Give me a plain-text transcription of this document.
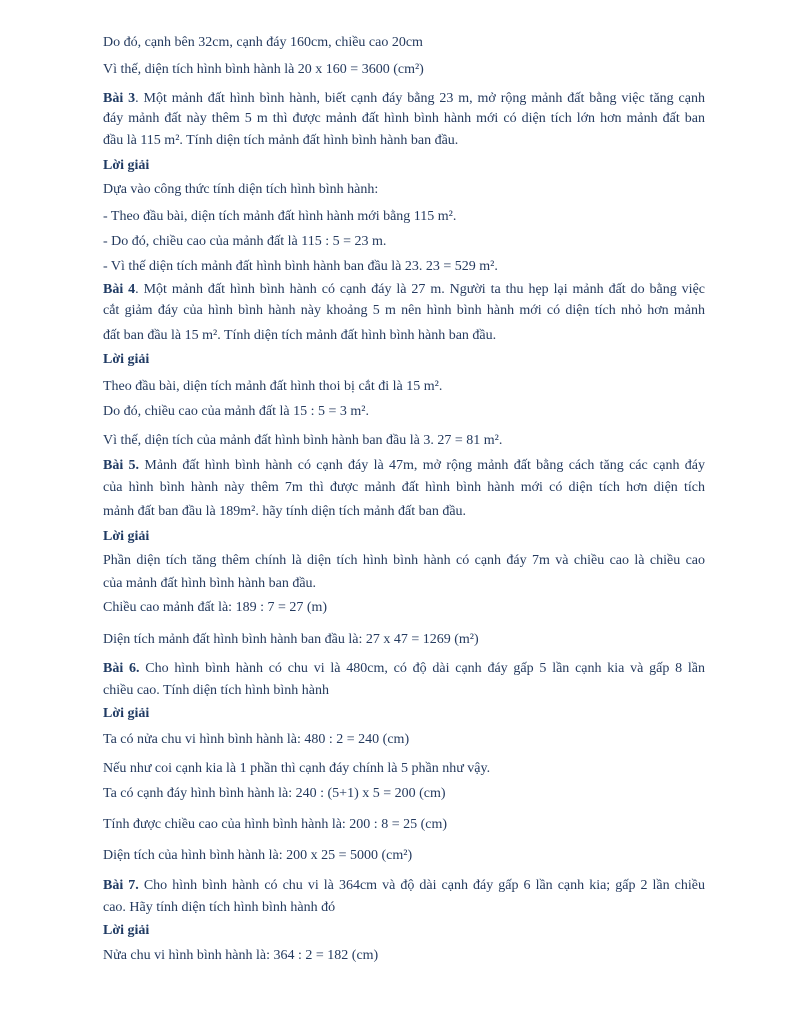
Do đó, cạnh bên 32cm, cạnh đáy 160cm, chiều cao 20cm
Vì thế, diện tích hình bình hành là 20 x 160 = 3600 (cm²)
Bài 3. Một mảnh đất hình bình hành, biết cạnh đáy bằng 23 m, mở rộng mảnh đất bằng việc tăng cạnh
đáy mảnh đất này thêm 5 m thì được mảnh đất hình bình hành mới có diện tích lớn hơn mảnh đất ban
đầu là 115 m². Tính diện tích mảnh đất hình bình hành ban đầu.
Lời giải
Dựa vào công thức tính diện tích hình bình hành:
- Theo đầu bài, diện tích mảnh đất hình hành mới bằng 115 m².
- Do đó, chiều cao của mảnh đất là 115 : 5 = 23 m.
- Vì thế diện tích mảnh đất hình bình hành ban đầu là 23. 23 = 529 m².
Bài 4. Một mảnh đất hình bình hành có cạnh đáy là 27 m. Người ta thu hẹp lại mảnh đất do bằng việc
cắt giảm đáy của hình bình hành này khoảng 5 m nên hình bình hành mới có diện tích nhỏ hơn mảnh
đất ban đầu là 15 m². Tính diện tích mảnh đất hình bình hành ban đầu.
Lời giải
Theo đầu bài, diện tích mảnh đất hình thoi bị cắt đi là 15 m².
Do đó, chiều cao của mảnh đất là 15 : 5 = 3 m².
Vì thế, diện tích của mảnh đất hình bình hành ban đầu là 3. 27 = 81 m².
Bài 5. Mảnh đất hình bình hành có cạnh đáy là 47m, mở rộng mảnh đất bằng cách tăng các cạnh đáy
của hình bình hành này thêm 7m thì được mảnh đất hình bình hành mới có diện tích hơn diện tích
mảnh đất ban đầu là 189m². hãy tính diện tích mảnh đất ban đầu.
Lời giải
Phần diện tích tăng thêm chính là diện tích hình bình hành có cạnh đáy 7m và chiều cao là chiều cao
của mảnh đất hình bình hành ban đầu.
Chiều cao mảnh đất là: 189 : 7 = 27 (m)
Diện tích mảnh đất hình bình hành ban đầu là: 27 x 47 = 1269 (m²)
Bài 6. Cho hình bình hành có chu vi là 480cm, có độ dài cạnh đáy gấp 5 lần cạnh kia và gấp 8 lần
chiều cao. Tính diện tích hình bình hành
Lời giải
Ta có nửa chu vi hình bình hành là: 480 : 2 = 240 (cm)
Nếu như coi cạnh kia là 1 phần thì cạnh đáy chính là 5 phần như vậy.
Ta có cạnh đáy hình bình hành là: 240 : (5+1) x 5 = 200 (cm)
Tính được chiều cao của hình bình hành là: 200 : 8 = 25 (cm)
Diện tích của hình bình hành là: 200 x 25 = 5000 (cm²)
Bài 7. Cho hình bình hành có chu vi là 364cm và độ dài cạnh đáy gấp 6 lần cạnh kia; gấp 2 lần chiều
cao. Hãy tính diện tích hình bình hành đó
Lời giải
Nửa chu vi hình bình hành là: 364 : 2 = 182 (cm)
